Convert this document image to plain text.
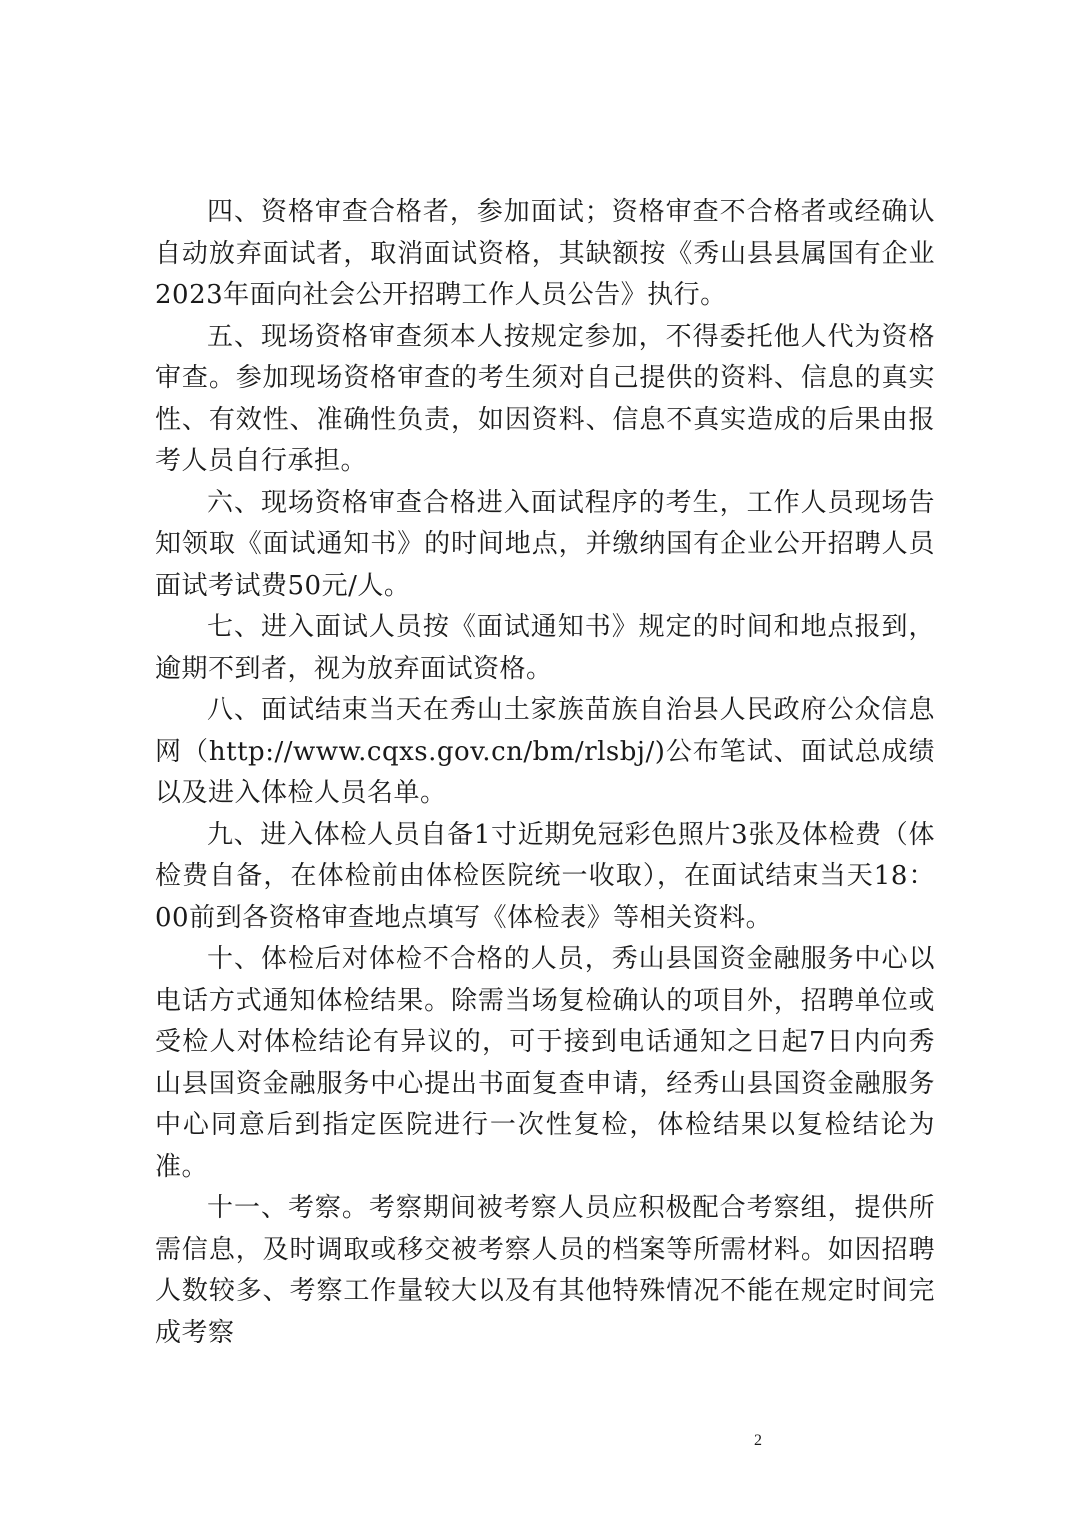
四、资格审查合格者，参加面试；资格审查不合格者或经确认自动放弃面试者，取消面试资格，其缺额按《秀山县县属国有企业2023年面向社会公开招聘工作人员公告》执行。

五、现场资格审查须本人按规定参加，不得委托他人代为资格审查。参加现场资格审查的考生须对自己提供的资料、信息的真实性、有效性、准确性负责，如因资料、信息不真实造成的后果由报考人员自行承担。

六、现场资格审查合格进入面试程序的考生，工作人员现场告知领取《面试通知书》的时间地点，并缴纳国有企业公开招聘人员面试考试费50元/人。

七、进入面试人员按《面试通知书》规定的时间和地点报到，逾期不到者，视为放弃面试资格。

八、面试结束当天在秀山土家族苗族自治县人民政府公众信息网（http://www.cqxs.gov.cn/bm/rlsbj/)公布笔试、面试总成绩以及进入体检人员名单。

九、进入体检人员自备1寸近期免冠彩色照片3张及体检费（体检费自备，在体检前由体检医院统一收取），在面试结束当天18：00前到各资格审查地点填写《体检表》等相关资料。

十、体检后对体检不合格的人员，秀山县国资金融服务中心以电话方式通知体检结果。除需当场复检确认的项目外，招聘单位或受检人对体检结论有异议的，可于接到电话通知之日起7日内向秀山县国资金融服务中心提出书面复查申请，经秀山县国资金融服务中心同意后到指定医院进行一次性复检，体检结果以复检结论为准。

十一、考察。考察期间被考察人员应积极配合考察组，提供所需信息，及时调取或移交被考察人员的档案等所需材料。如因招聘人数较多、考察工作量较大以及有其他特殊情况不能在规定时间完成考察

2
